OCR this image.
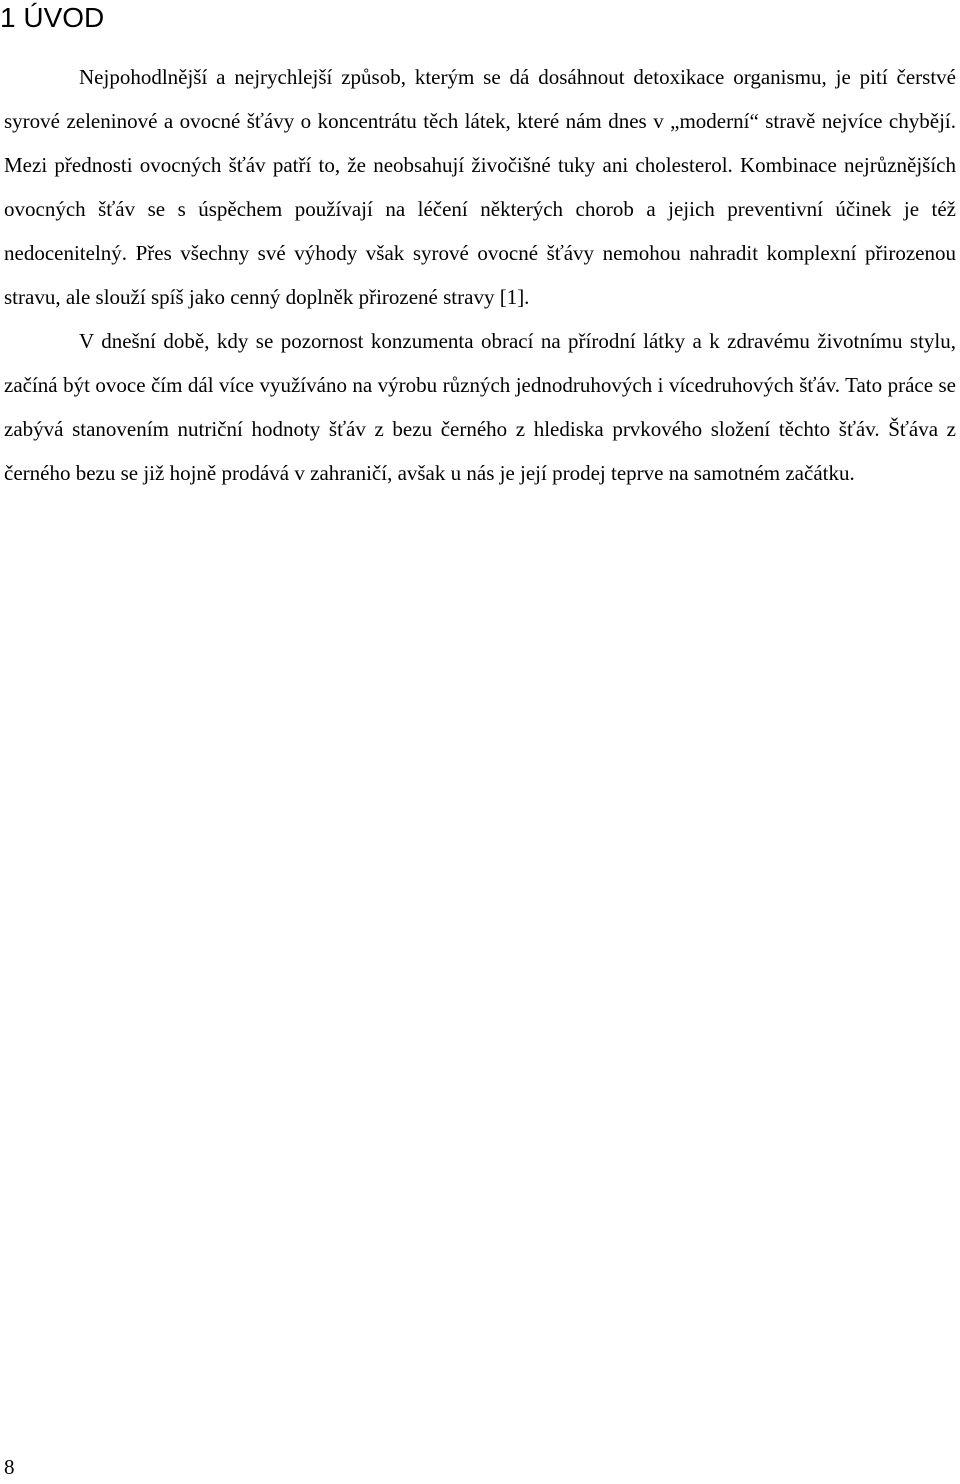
1 ÚVOD

Nejpohodlnější a nejrychlejší způsob, kterým se dá dosáhnout detoxikace organismu, je pití čerstvé syrové zeleninové a ovocné šťávy o koncentrátu těch látek, které nám dnes v „moderní“ stravě nejvíce chybějí. Mezi přednosti ovocných šťáv patří to, že neobsahují živočišné tuky ani cholesterol. Kombinace nejrůznějších ovocných šťáv se s úspěchem používají na léčení některých chorob a jejich preventivní účinek je též nedocenitelný. Přes všechny své výhody však syrové ovocné šťávy nemohou nahradit komplexní přirozenou stravu, ale slouží spíš jako cenný doplněk přirozené stravy [1].

V dnešní době, kdy se pozornost konzumenta obrací na přírodní látky a k zdravému životnímu stylu, začíná být ovoce čím dál více využíváno na výrobu různých jednodruhových i vícedruhových šťáv. Tato práce se zabývá stanovením nutriční hodnoty šťáv z bezu černého z hlediska prvkového složení těchto šťáv. Šťáva z černého bezu se již hojně prodává v zahraničí, avšak u nás je její prodej teprve na samotném začátku.

8
